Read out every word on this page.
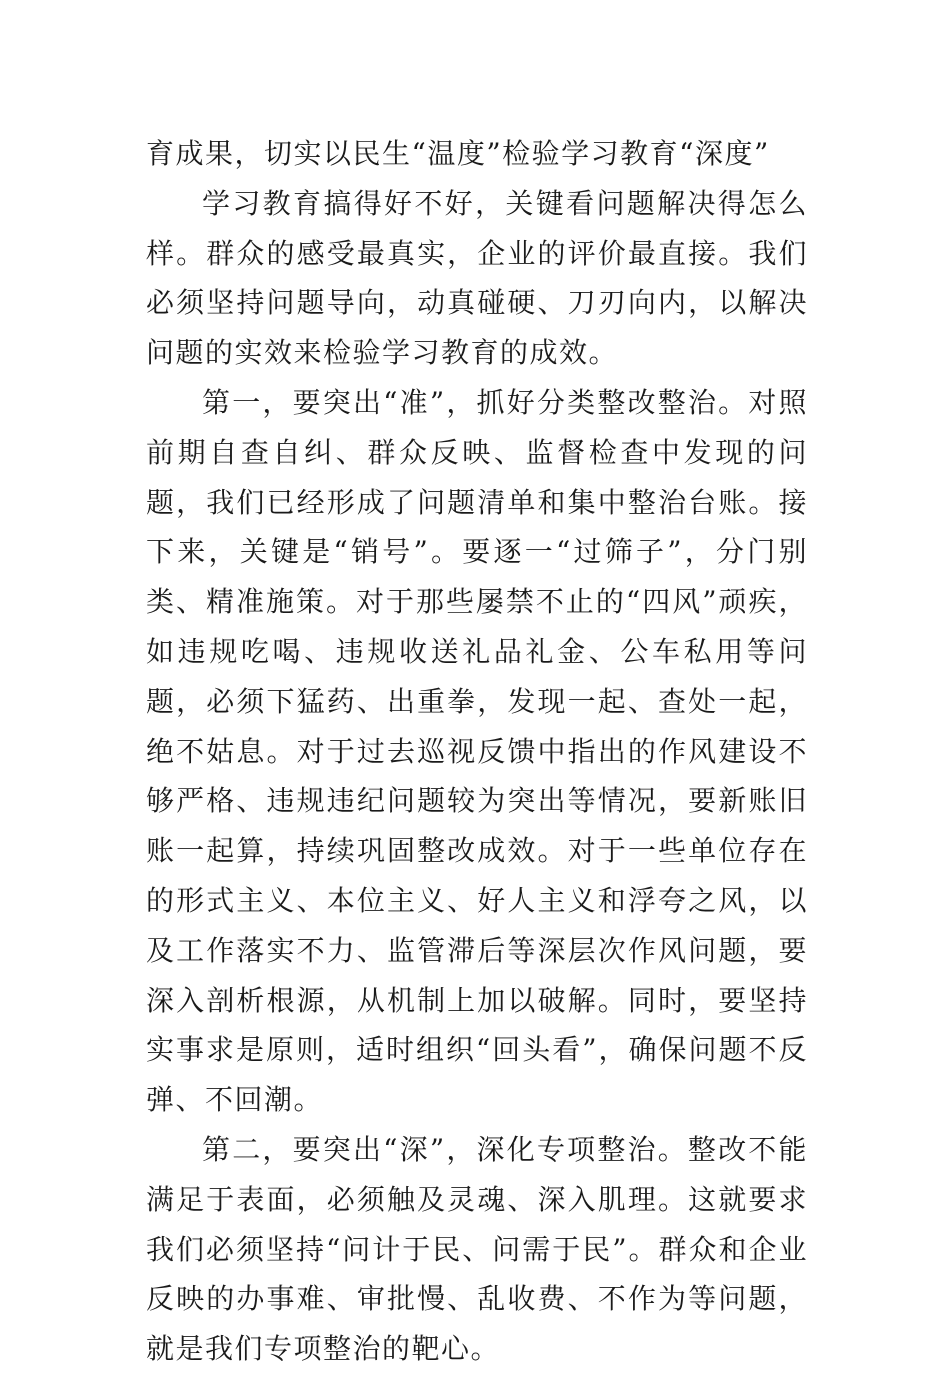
育成果，切实以民生“温度”检验学习教育“深度”

学习教育搞得好不好，关键看问题解决得怎么样。群众的感受最真实，企业的评价最直接。我们必须坚持问题导向，动真碰硬、刀刃向内，以解决问题的实效来检验学习教育的成效。

第一，要突出“准”，抓好分类整改整治。对照前期自查自纠、群众反映、监督检查中发现的问题，我们已经形成了问题清单和集中整治台账。接下来，关键是“销号”。要逐一“过筛子”，分门别类、精准施策。对于那些屡禁不止的“四风”顽疾，如违规吃喝、违规收送礼品礼金、公车私用等问题，必须下猛药、出重拳，发现一起、查处一起，绝不姑息。对于过去巡视反馈中指出的作风建设不够严格、违规违纪问题较为突出等情况，要新账旧账一起算，持续巩固整改成效。对于一些单位存在的形式主义、本位主义、好人主义和浮夸之风，以及工作落实不力、监管滞后等深层次作风问题，要深入剖析根源，从机制上加以破解。同时，要坚持实事求是原则，适时组织“回头看”，确保问题不反弹、不回潮。

第二，要突出“深”，深化专项整治。整改不能满足于表面，必须触及灵魂、深入肌理。这就要求我们必须坚持“问计于民、问需于民”。群众和企业反映的办事难、审批慢、乱收费、不作为等问题，就是我们专项整治的靶心。
